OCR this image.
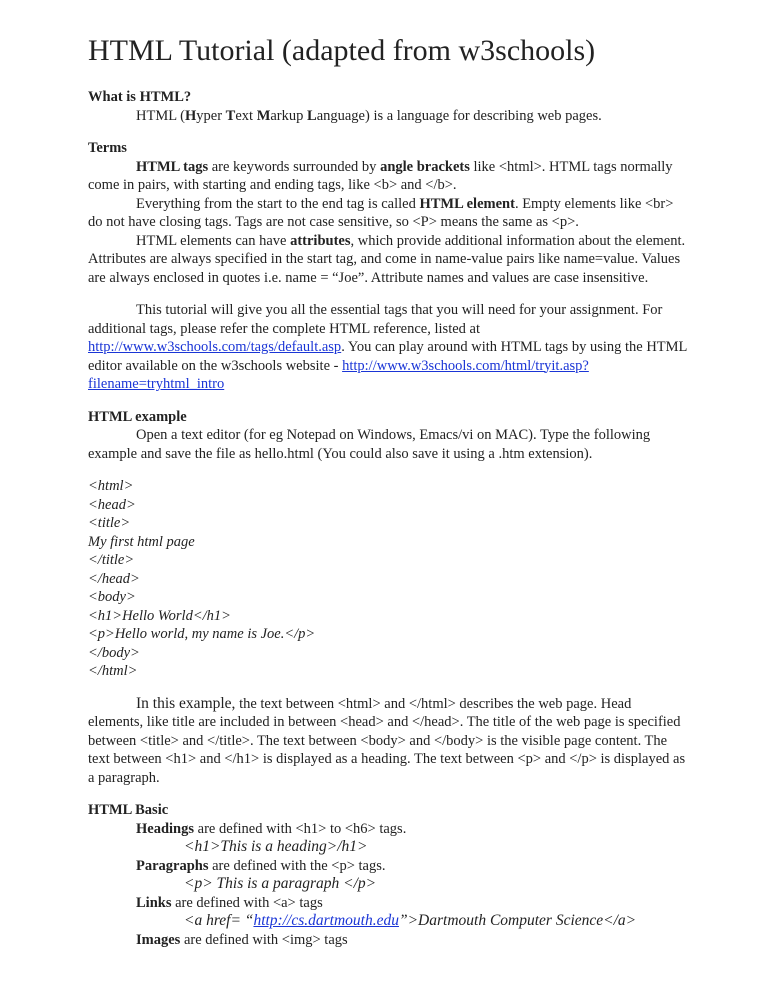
HTML Tutorial (adapted from w3schools)

What is HTML?

HTML (Hyper Text Markup Language) is a language for describing web pages.

Terms

HTML tags are keywords surrounded by angle brackets like <html>. HTML tags normally come in pairs, with starting and ending tags, like <b> and </b>.

Everything from the start to the end tag is called HTML element. Empty elements like <br> do not have closing tags. Tags are not case sensitive, so <P> means the same as <p>.

HTML elements can have attributes, which provide additional information about the element. Attributes are always specified in the start tag, and come in name-value pairs like name=value. Values are always enclosed in quotes i.e. name = “Joe”. Attribute names and values are case insensitive.

This tutorial will give you all the essential tags that you will need for your assignment. For additional tags, please refer the complete HTML reference, listed at http://www.w3schools.com/tags/default.asp. You can play around with HTML tags by using the HTML editor available on the w3schools website - http://www.w3schools.com/html/tryit.asp?filename=tryhtml_intro

HTML example

Open a text editor (for eg Notepad on Windows, Emacs/vi on MAC). Type the following example and save the file as hello.html (You could also save it using a .htm extension).

<html>

<head>

<title>

My first html page

</title>

</head>

<body>

<h1>Hello World</h1>

<p>Hello world, my name is Joe.</p>

</body>

</html>

In this example, the text between <html> and </html> describes the web page. Head elements, like title are included in between <head> and </head>. The title of the web page is specified between <title> and </title>. The text between <body> and </body> is the visible page content. The text between <h1> and </h1> is displayed as a heading. The text between <p> and </p> is displayed as a paragraph.

HTML Basic

Headings are defined with <h1> to <h6> tags.

<h1>This is a heading>/h1>

Paragraphs are defined with the <p> tags.

<p> This is a paragraph </p>

Links are defined with <a> tags

<a href= “http://cs.dartmouth.edu”>Dartmouth Computer Science</a>

Images are defined with <img> tags
